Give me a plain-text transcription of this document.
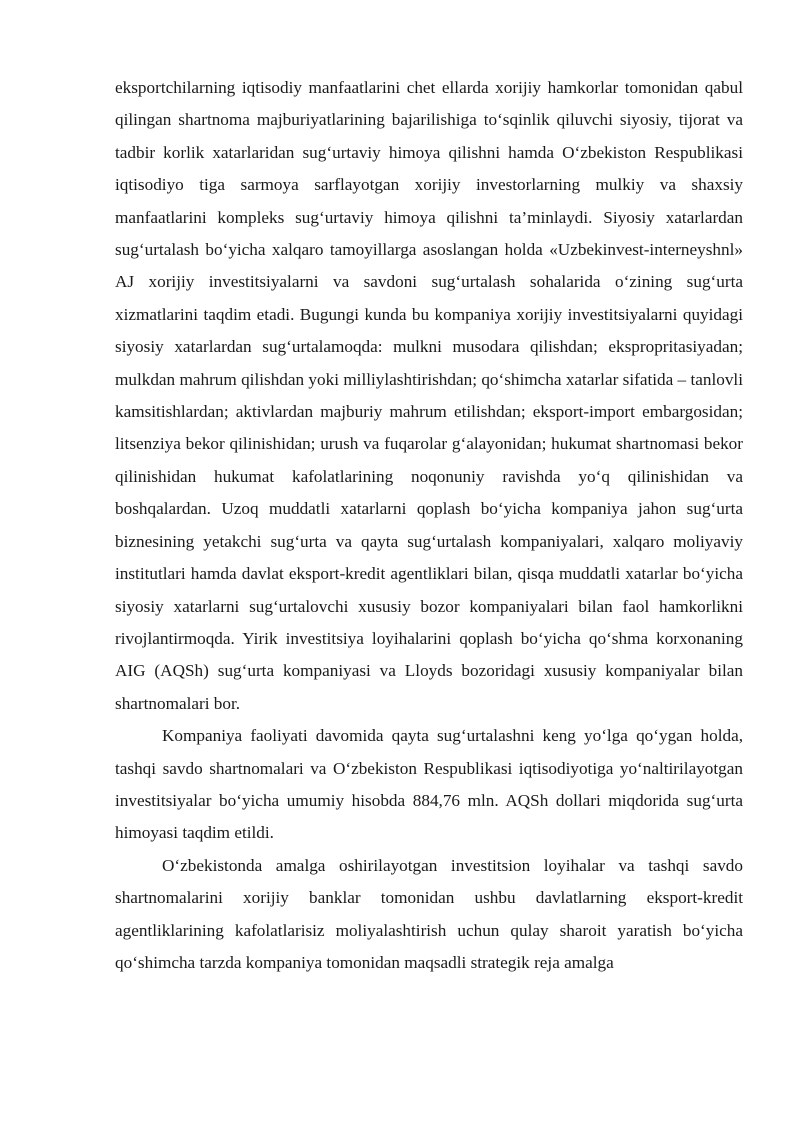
eksportchilarning iqtisodiy manfaatlarini chet ellarda xorijiy hamkorlar tomonidan qabul qilingan shartnoma majburiyatlarining bajarilishiga to‘sqinlik qiluvchi siyosiy, tijorat va tadbir korlik xatarlaridan sug‘urtaviy himoya qilishni hamda O‘zbekiston Respublikasi iqtisodiyo tiga sarmoya sarflayotgan xorijiy investorlarning mulkiy va shaxsiy manfaatlarini kompleks sug‘urtaviy himoya qilishni ta’minlaydi. Siyosiy xatarlardan sug‘urtalash bo‘yicha xalqaro tamoyillarga asoslangan holda «Uzbekinvest-interneyshnl» AJ xorijiy investitsiyalarni va savdoni sug‘urtalash sohalarida o‘zining sug‘urta xizmatlarini taqdim etadi. Bugungi kunda bu kompaniya xorijiy investitsiyalarni quyidagi siyosiy xatarlardan sug‘urtalamoqda: mulkni musodara qilishdan; ekspropritasiyadan; mulkdan mahrum qilishdan yoki milliylashtirishdan; qo‘shimcha xatarlar sifatida – tanlovli kamsitishlardan; aktivlardan majburiy mahrum etilishdan; eksport-import embargosidan; litsenziya bekor qilinishidan; urush va fuqarolar g‘alayonidan; hukumat shartnomasi bekor qilinishidan hukumat kafolatlarining noqonuniy ravishda yo‘q qilinishidan va boshqalardan. Uzoq muddatli xatarlarni qoplash bo‘yicha kompaniya jahon sug‘urta biznesining yetakchi sug‘urta va qayta sug‘urtalash kompaniyalari, xalqaro moliyaviy institutlari hamda davlat eksport-kredit agentliklari bilan, qisqa muddatli xatarlar bo‘yicha siyosiy xatarlarni sug‘urtalovchi xususiy bozor kompaniyalari bilan faol hamkorlikni rivojlantirmoqda. Yirik investitsiya loyihalarini qoplash bo‘yicha qo‘shma korxonaning AIG (AQSh) sug‘urta kompaniyasi va Lloyds bozoridagi xususiy kompaniyalar bilan shartnomalari bor.

Kompaniya faoliyati davomida qayta sug‘urtalashni keng yo‘lga qo‘ygan holda, tashqi savdo shartnomalari va O‘zbekiston Respublikasi iqtisodiyotiga yo‘naltirilayotgan investitsiyalar bo‘yicha umumiy hisobda 884,76 mln. AQSh dollari miqdorida sug‘urta himoyasi taqdim etildi.

O‘zbekistonda amalga oshirilayotgan investitsion loyihalar va tashqi savdo shartnomalarini xorijiy banklar tomonidan ushbu davlatlarning eksport-kredit agentliklarining kafolatlarisiz moliyalashtirish uchun qulay sharoit yaratish bo‘yicha qo‘shimcha tarzda kompaniya tomonidan maqsadli strategik reja amalga
